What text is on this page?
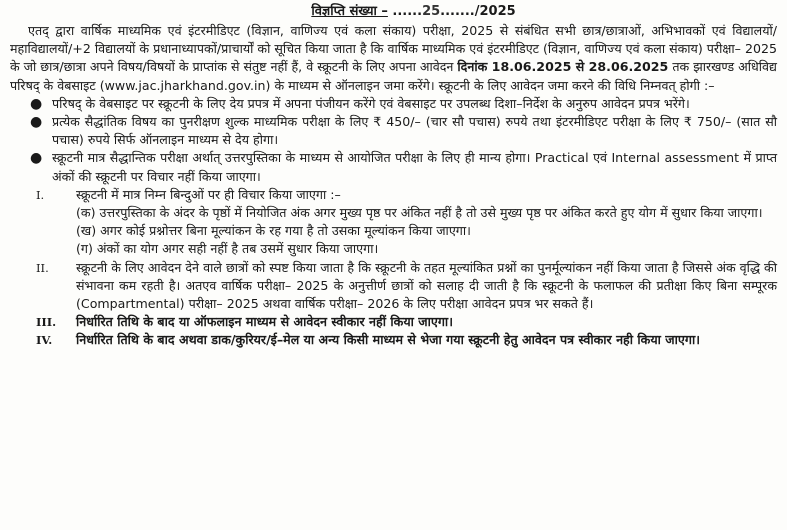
विज्ञप्ति संख्या – ......25......./2025

एतद् द्वारा वार्षिक माध्यमिक एवं इंटरमीडिएट (विज्ञान, वाणिज्य एवं कला संकाय) परीक्षा, 2025 से संबंधित सभी छात्र/छात्राओं, अभिभावकों एवं विद्यालयों/महाविद्यालयों/+2 विद्यालयों के प्रधानाध्यापकों/प्राचार्यों को सूचित किया जाता है कि वार्षिक माध्यमिक एवं इंटरमीडिएट (विज्ञान, वाणिज्य एवं कला संकाय) परीक्षा– 2025 के जो छात्र/छात्रा अपने विषय/विषयों के प्राप्तांक से संतुष्ट नहीं हैं, वे स्क्रूटनी के लिए अपना आवेदन दिनांक 18.06.2025 से 28.06.2025 तक झारखण्ड अधिविद्य परिषद् के वेबसाइट (www.jac.jharkhand.gov.in) के माध्यम से ऑनलाइन जमा करेंगे। स्क्रूटनी के लिए आवेदन जमा करने की विधि निम्नवत् होगी :–

● परिषद् के वेबसाइट पर स्क्रूटनी के लिए देय प्रपत्र में अपना पंजीयन करेंगे एवं वेबसाइट पर उपलब्ध दिशा–निर्देश के अनुरुप आवेदन प्रपत्र भरेंगे।
● प्रत्येक सैद्धांतिक विषय का पुनरीक्षण शुल्क माध्यमिक परीक्षा के लिए ₹ 450/– (चार सौ पचास) रुपये तथा इंटरमीडिएट परीक्षा के लिए ₹ 750/– (सात सौ पचास) रुपये सिर्फ ऑनलाइन माध्यम से देय होगा।
● स्क्रूटनी मात्र सैद्धान्तिक परीक्षा अर्थात् उत्तरपुस्तिका के माध्यम से आयोजित परीक्षा के लिए ही मान्य होगा। Practical एवं Internal assessment में प्राप्त अंकों की स्क्रूटनी पर विचार नहीं किया जाएगा।
I.	स्क्रूटनी में मात्र निम्न बिन्दुओं पर ही विचार किया जाएगा :–
(क) उत्तरपुस्तिका के अंदर के पृष्ठों में नियोजित अंक अगर मुख्य पृष्ठ पर अंकित नहीं है तो उसे मुख्य पृष्ठ पर अंकित करते हुए योग में सुधार किया जाएगा।
(ख) अगर कोई प्रश्नोत्तर बिना मूल्यांकन के रह गया है तो उसका मूल्यांकन किया जाएगा।
(ग) अंकों का योग अगर सही नहीं है तब उसमें सुधार किया जाएगा।
II.	स्क्रूटनी के लिए आवेदन देने वाले छात्रों को स्पष्ट किया जाता है कि स्क्रूटनी के तहत मूल्यांकित प्रश्नों का पुनर्मूल्यांकन नहीं किया जाता है जिससे अंक वृद्धि की संभावना कम रहती है। अतएव वार्षिक परीक्षा– 2025 के अनुत्तीर्ण छात्रों को सलाह दी जाती है कि स्क्रूटनी के फलाफल की प्रतीक्षा किए बिना सम्पूरक (Compartmental) परीक्षा– 2025 अथवा वार्षिक परीक्षा– 2026 के लिए परीक्षा आवेदन प्रपत्र भर सकते हैं।
III.	निर्धारित तिथि के बाद या ऑफलाइन माध्यम से आवेदन स्वीकार नहीं किया जाएगा।
IV.	निर्धारित तिथि के बाद अथवा डाक/कुरियर/ई–मेल या अन्य किसी माध्यम से भेजा गया स्क्रूटनी हेतु आवेदन पत्र स्वीकार नही किया जाएगा।
